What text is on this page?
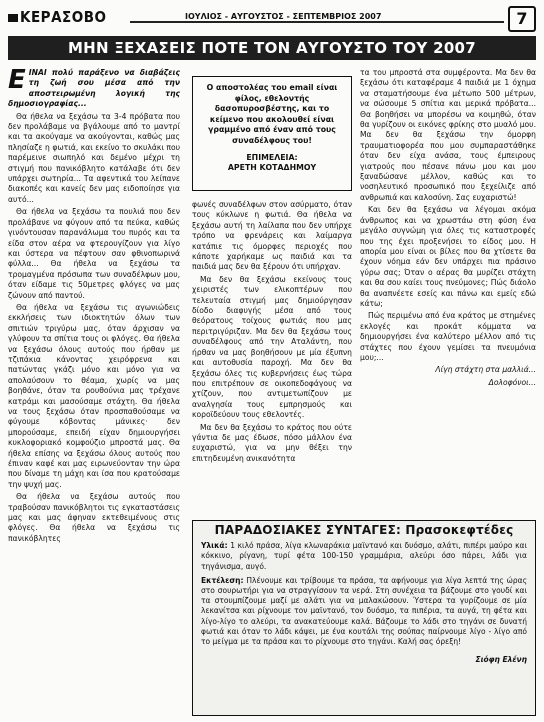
ΚΕΡΑΣΟΒΟ	ΙΟΥΛΙΟΣ - ΑΥΓΟΥΣΤΟΣ - ΣΕΠΤΕΜΒΡΙΟΣ 2007	7
ΜΗΝ ΞΕΧΑΣΕΙΣ ΠΟΤΕ ΤΟΝ ΑΥΓΟΥΣΤΟ ΤΟΥ 2007

ΕΙΝΑΙ πολύ παράξενο να διαβάζεις τη ζωή σου μέσα από την αποστειρωμένη λογική της δημοσιογραφίας...

Θα ήθελα να ξεχάσω τα 3-4 πρόβατα που δεν προλάβαμε να βγάλουμε από το μαντρί και τα ακούγαμε να ακούγονται, καθώς μας πλησίαζε η φωτιά, και εκείνο το σκυλάκι που παρέμεινε σιωπηλό και δεμένο μέχρι τη στιγμή που πανικόβλητο κατάλαβε ότι δεν υπάρχει σωτηρία... Τα αφεντικά του λείπανε διακοπές και κανείς δεν μας ειδοποίησε για αυτό...

Θα ήθελα να ξεχάσω τα πουλιά που δεν προλάβανε να φύγουν από τα πεύκα, καθώς γινόντουσαν παρανάλωμα του πυρός και τα είδα στον αέρα να φτερουγίζουν για λίγο και ύστερα να πέφτουν σαν φθινοπωρινά φύλλα... Θα ήθελα να ξεχάσω τα τρομαγμένα πρόσωπα των συναδέλφων μου, όταν είδαμε τις 50μετρες φλόγες να μας ζώνουν από παντού.

Θα ήθελα να ξεχάσω τις αγωνιώδεις εκκλήσεις των ιδιοκτητών όλων των σπιτιών τριγύρω μας, όταν άρχισαν να γλύφουν τα σπίτια τους οι φλόγες. Θα ήθελα να ξεχάσω όλους αυτούς που ήρθαν με τζιπάκια κάνοντας χειρόφρενα και πατώντας γκάζι μόνο και μόνο για να απολαύσουν το θέαμα, χωρίς να μας βοηθάνε, όταν τα ρουθούνια μας τρέχανε κατράμι και μασούσαμε στάχτη. Θα ήθελα να τους ξεχάσω όταν προσπαθούσαμε να φύγουμε κόβοντας μάνικες· δεν μπορούσαμε, επειδή είχαν δημιουργήσει κυκλοφοριακό κομφούζιο μπροστά μας. Θα ήθελα επίσης να ξεχάσω όλους αυτούς που έπιναν καφέ και μας ειρωνεύονταν την ώρα που δίναμε τη μάχη και ίσα που κρατούσαμε την ψυχή μας.

Θα ήθελα να ξεχάσω αυτούς που τραβούσαν πανικόβλητοι τις εγκαταστάσεις μας και μας άφηναν εκτεθειμένους στις φλόγες. Θα ήθελα να ξεχάσω τις πανικόβλητες

Ο αποστολέας του email είναι φίλος, εθελοντής δασοπυροσβέστης, και το κείμενο που ακολουθεί είναι γραμμένο από έναν από τους συναδέλφους του!
ΕΠΙΜΕΛΕΙΑ:
ΑΡΕΤΗ ΚΟΤΑΔΗΜΟΥ

φωνές συναδέλφων στον ασύρματο, όταν τους κύκλωνε η φωτιά. Θα ήθελα να ξεχάσω αυτή τη λαίλαπα που δεν υπήρχε τρόπο να φρενάρεις και λαίμαργα κατάπιε τις όμορφες περιοχές που κάποτε χαρήκαμε ως παιδιά και τα παιδιά μας δεν θα ξέρουν ότι υπήρχαν.

Μα δεν θα ξεχάσω εκείνους τους χειριστές των ελικοπτέρων που τελευταία στιγμή μας δημιούργησαν δίοδο διαφυγής μέσα από τους θεόρατους τοίχους φωτιάς που μας περιτριγύριζαν. Μα δεν θα ξεχάσω τους συναδέλφους από την Αταλάντη, που ήρθαν να μας βοηθήσουν με μία έξυπνη και αυτοθυσία παροχή. Μα δεν θα ξεχάσω όλες τις κυβερνήσεις έως τώρα που επιτρέπουν σε οικοπεδοφάγους να χτίζουν, που αντιμετωπίζουν με αναλγησία τους εμπρησμούς και κοροϊδεύουν τους εθελοντές.

Μα δεν θα ξεχάσω το κράτος που ούτε γάντια δε μας έδωσε, πόσο μάλλον ένα ευχαριστώ, για να μην θέξει την επιτηδευμένη ανικανότητα

τα του μπροστά στα συμφέροντα. Μα δεν θα ξεχάσω ότι καταφέραμε 4 παιδιά με 1 όχημα να σταματήσουμε ένα μέτωπο 500 μέτρων, να σώσουμε 5 σπίτια και μερικά πρόβατα... Θα βοηθήσει να μπορέσω να κοιμηθώ, όταν θα γυρίζουν οι εικόνες φρίκης στο μυαλό μου. Μα δεν θα ξεχάσω την όμορφη τραυματιοφορέα που μου συμπαραστάθηκε όταν δεν είχα ανάσα, τους έμπειρους γιατρούς που πέσανε πάνω μου και μου ξαναδώσανε μέλλον, καθώς και το νοσηλευτικό προσωπικό που ξεχείλιζε από ανθρωπιά και καλοσύνη. Σας ευχαριστώ!

Και δεν θα ξεχάσω να λέγομαι ακόμα άνθρωπος και να χρωστάω στη φύση ένα μεγάλο συγνώμη για όλες τις καταστροφές που της έχει προξενήσει το είδος μου. Η απορία μου είναι οι βίλες που θα χτίσετε θα έχουν νόημα εάν δεν υπάρχει πια πράσινο γύρω σας; Όταν ο αέρας θα μυρίζει στάχτη και θα σου καίει τους πνεύμονες; Πώς διάολο θα αναπνέετε εσείς και πάνω και εμείς εδώ κάτω;

Πώς περιμένω από ένα κράτος με στημένες εκλογές και προκάτ κόμματα να δημιουργήσει ένα καλύτερο μέλλον από τις στάχτες που έχουν γεμίσει τα πνευμόνια μου;...

Λίγη στάχτη στα μαλλιά...

Δολοφόνοι...

ΠΑΡΑΔΟΣΙΑΚΕΣ ΣΥΝΤΑΓΕΣ: Πρασοκεφτέδες

Υλικά: 1 κιλό πράσα, λίγα κλωναράκια μαϊντανό και δυόσμο, αλάτι, πιπέρι μαύρο και κόκκινο, ρίγανη, τυρί φέτα 100-150 γραμμάρια, αλεύρι όσο πάρει, λάδι για τηγάνισμα, αυγό.

Εκτέλεση: Πλένουμε και τρίβουμε τα πράσα, τα αφήνουμε για λίγα λεπτά της ώρας στο σουρωτήρι για να στραγγίσουν τα νερά. Στη συνέχεια τα βάζουμε στο γουδί και τα στουμπίζουμε μαζί με αλάτι για να μαλακώσουν. Ύστερα τα γυρίζουμε σε μία λεκανίτσα και ρίχνουμε τον μαϊντανό, τον δυόσμο, τα πιπέρια, τα αυγά, τη φέτα και λίγο-λίγο το αλεύρι, τα ανακατεύουμε καλά. Βάζουμε το λάδι στο τηγάνι σε δυνατή φωτιά και όταν το λάδι κάψει, με ένα κουτάλι της σούπας παίρνουμε λίγο - λίγο από το μείγμα με τα πράσα και το ρίχνουμε στο τηγάνι. Καλή σας όρεξη!

Σιόφη Ελένη
